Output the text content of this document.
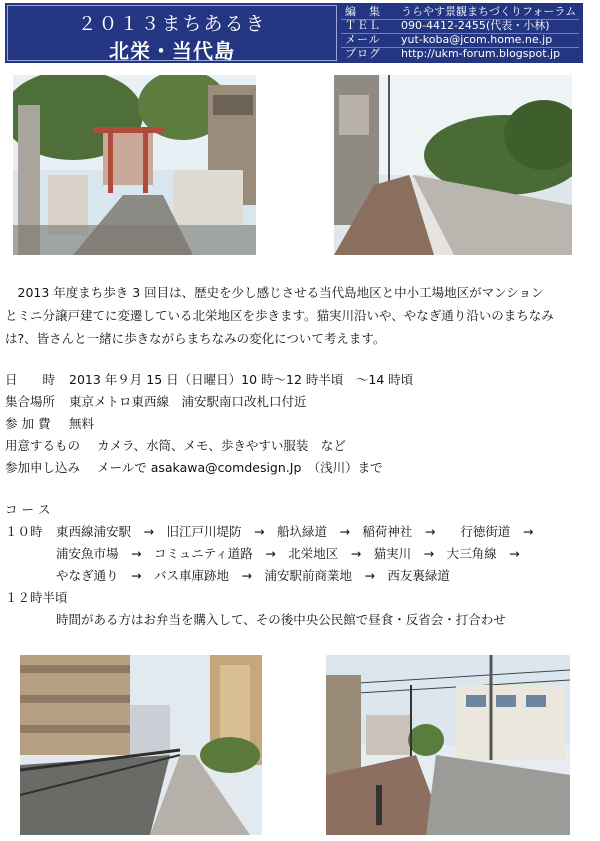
２０１３まちあるき
北栄・当代島
編　集 うらやす景観まちづくりフォーラム
ＴＥＬ 090-4412-2455(代表・小林)
メール yut-koba@jcom.home.ne.jp
ブログ http://ukm-forum.blogspot.jp
　2013 年度まち歩き 3 回目は、歴史を少し感じさせる当代島地区と中小工場地区がマンション
とミニ分譲戸建てに変遷している北栄地区を歩きます。猫実川沿いや、やなぎ通り沿いのまちなみ
は?、皆さんと一緒に歩きながらまちなみの変化について考えます。
日　　時 2013 年９月 15 日（日曜日）10 時〜12 時半頃　〜14 時頃
集合場所 東京メトロ東西線　浦安駅南口改札口付近
参 加 費 無料
用意するもの カメラ、水筒、メモ、歩きやすい服装　など
参加申し込み メールで asakawa@comdesign.Jp　（浅川）まで
コ ー ス
１０時 東西線浦安駅　→　旧江戸川堤防　→　船圦緑道　→　稲荷神社　→　　行徳街道　→
浦安魚市場　→　コミュニティ道路　→　北栄地区　→　猫実川　→　大三角線　→
やなぎ通り　→　バス車庫跡地　→　浦安駅前商業地　→　西友裏緑道
１２時半頃
時間がある方はお弁当を購入して、その後中央公民館で昼食・反省会・打合わせ
